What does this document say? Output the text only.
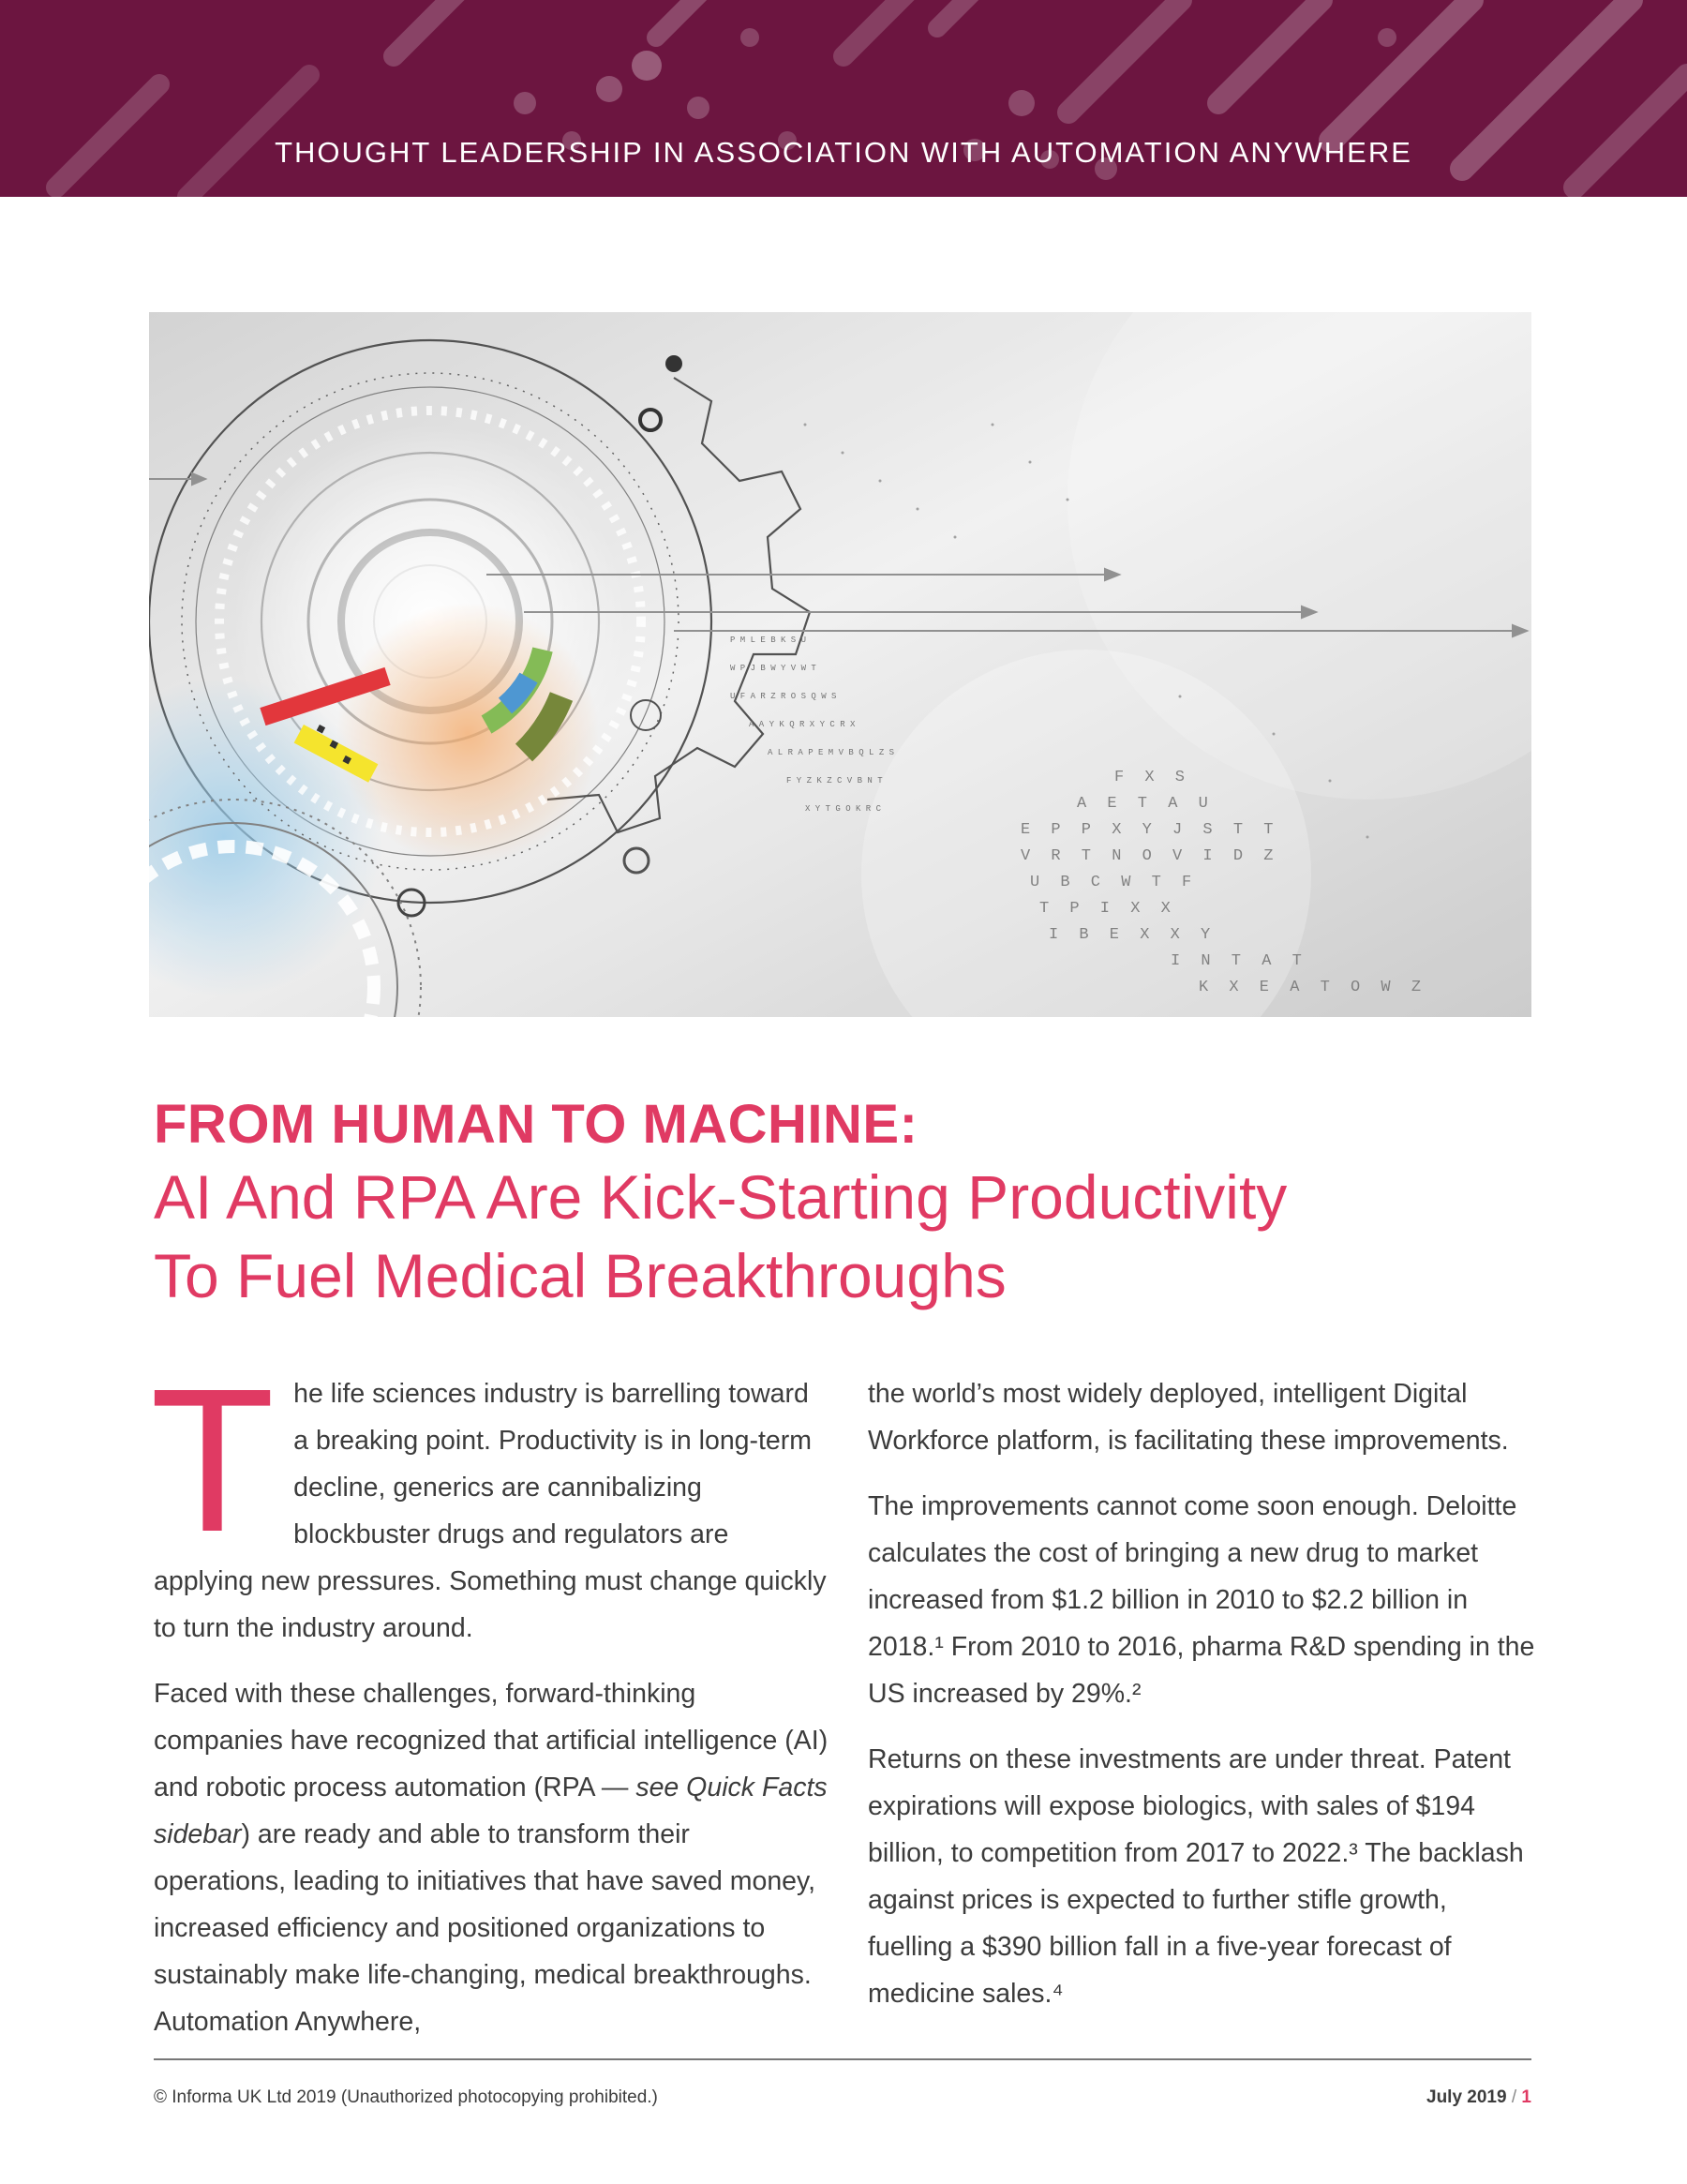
THOUGHT LEADERSHIP IN ASSOCIATION WITH AUTOMATION ANYWHERE
P M L E B K S U
W P J B W Y V W T
U F A R Z R O S Q W S
A A Y K Q R X Y C R X
A L R A P E M V B Q L Z S
F Y Z K Z C V B N T
X Y T G O K R C
F X S
A E T A U
E P P X Y J S T T
V R T N O V I D Z
U B C W T F
T P I X X
I B E X X Y
I N T A T
K X E A T O W Z
FROM HUMAN TO MACHINE:
AI And RPA Are Kick-Starting Productivity
To Fuel Medical Breakthroughs

The life sciences industry is barrelling toward a breaking point. Productivity is in long-term decline, generics are cannibalizing blockbuster drugs and regulators are applying new pressures. Something must change quickly to turn the industry around.

Faced with these challenges, forward-thinking companies have recognized that artificial intelligence (AI) and robotic process automation (RPA — see Quick Facts sidebar) are ready and able to transform their operations, leading to initiatives that have saved money, increased efficiency and positioned organizations to sustainably make life-changing, medical breakthroughs. Automation Anywhere,

the world’s most widely deployed, intelligent Digital Workforce platform, is facilitating these improvements.

The improvements cannot come soon enough. Deloitte calculates the cost of bringing a new drug to market increased from $1.2 billion in 2010 to $2.2 billion in 2018.¹ From 2010 to 2016, pharma R&D spending in the US increased by 29%.²

Returns on these investments are under threat. Patent expirations will expose biologics, with sales of $194 billion, to competition from 2017 to 2022.³ The backlash against prices is expected to further stifle growth, fuelling a $390 billion fall in a five-year forecast of medicine sales.⁴

© Informa UK Ltd 2019 (Unauthorized photocopying prohibited.)	July 2019 / 1
